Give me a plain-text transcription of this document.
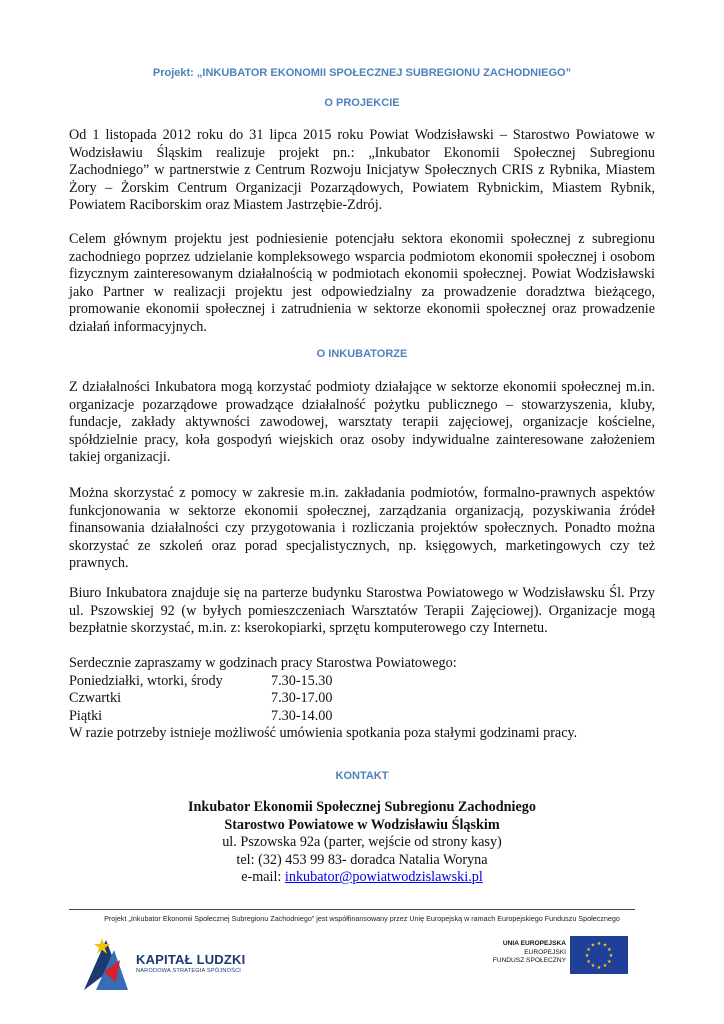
Projekt: „INKUBATOR EKONOMII SPOŁECZNEJ SUBREGIONU ZACHODNIEGO”
O PROJEKCIE

Od 1 listopada 2012 roku do 31 lipca 2015 roku Powiat Wodzisławski – Starostwo Powiatowe w Wodzisławiu Śląskim realizuje projekt pn.: „Inkubator Ekonomii Społecznej Subregionu Zachodniego” w partnerstwie z Centrum Rozwoju Inicjatyw Społecznych CRIS z Rybnika, Miastem Żory – Żorskim Centrum Organizacji Pozarządowych, Powiatem Rybnickim, Miastem Rybnik, Powiatem Raciborskim oraz Miastem Jastrzębie-Zdrój.

Celem głównym projektu jest podniesienie potencjału sektora ekonomii społecznej z subregionu zachodniego poprzez udzielanie kompleksowego wsparcia podmiotom ekonomii społecznej i osobom fizycznym zainteresowanym działalnością w podmiotach ekonomii społecznej. Powiat Wodzisławski jako Partner w realizacji projektu jest odpowiedzialny za prowadzenie doradztwa bieżącego, promowanie ekonomii społecznej i zatrudnienia w sektorze ekonomii społecznej oraz prowadzenie działań informacyjnych.

O INKUBATORZE

Z działalności Inkubatora mogą korzystać podmioty działające w sektorze ekonomii społecznej m.in. organizacje pozarządowe prowadzące działalność pożytku publicznego – stowarzyszenia, kluby, fundacje, zakłady aktywności zawodowej, warsztaty terapii zajęciowej, organizacje kościelne, spółdzielnie pracy, koła gospodyń wiejskich oraz osoby indywidualne zainteresowane założeniem takiej organizacji.

Można skorzystać z pomocy w zakresie m.in. zakładania podmiotów, formalno-prawnych aspektów funkcjonowania w sektorze ekonomii społecznej, zarządzania organizacją, pozyskiwania źródeł finansowania działalności czy przygotowania i rozliczania projektów społecznych. Ponadto można skorzystać ze szkoleń oraz porad specjalistycznych, np. księgowych, marketingowych czy też prawnych.

Biuro Inkubatora znajduje się na parterze budynku Starostwa Powiatowego w Wodzisławsku Śl. Przy ul. Pszowskiej 92 (w byłych pomieszczeniach Warsztatów Terapii Zajęciowej). Organizacje mogą bezpłatnie skorzystać, m.in. z: kserokopiarki, sprzętu komputerowego czy Internetu.

Serdecznie zapraszamy w godzinach pracy Starostwa Powiatowego:
Poniedziałki, wtorki, środy	7.30-15.30
Czwartki	7.30-17.00
Piątki	7.30-14.00
W razie potrzeby istnieje możliwość umówienia spotkania poza stałymi godzinami pracy.
KONTAKT
Inkubator Ekonomii Społecznej Subregionu Zachodniego
Starostwo Powiatowe w Wodzisławiu Śląskim
ul. Pszowska 92a (parter, wejście od strony kasy)
tel: (32) 453 99 83- doradca Natalia Woryna
e-mail: inkubator@powiatwodzislawski.pl
Projekt „Inkubator Ekonomii Społecznej Subregionu Zachodniego” jest współfinansowany przez Unię Europejską w ramach Europejskiego Funduszu Społecznego
KAPITAŁ LUDZKI
NARODOWA STRATEGIA SPÓJNOŚCI
UNIA EUROPEJSKA
EUROPEJSKI
FUNDUSZ SPOŁECZNY
★ ★
★
★
★
★
★
★
★
★
★
★
